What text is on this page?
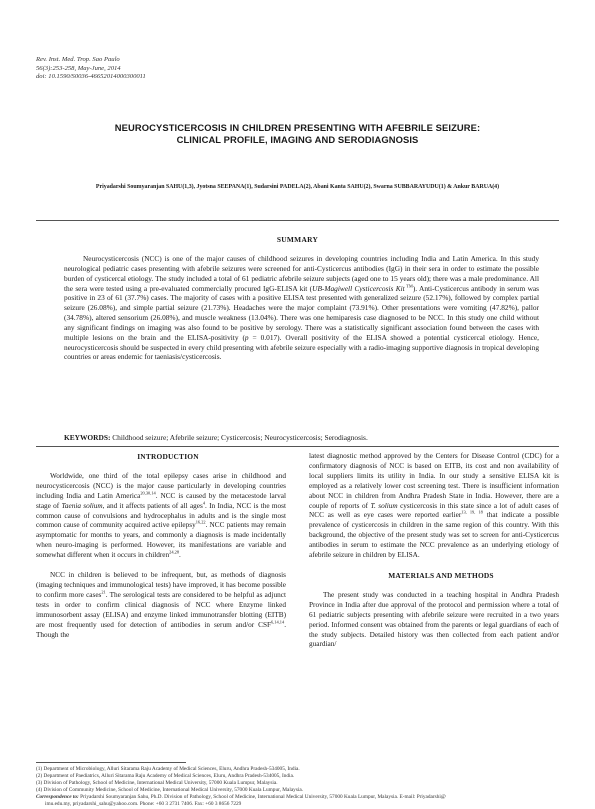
Rev. Inst. Med. Trop. Sao Paulo
56(3):253-258, May-June, 2014
doi: 10.1590/S0036-46652014000300011
NEUROCYSTICERCOSIS IN CHILDREN PRESENTING WITH AFEBRILE SEIZURE:
CLINICAL PROFILE, IMAGING AND SERODIAGNOSIS
Priyadarshi Soumyaranjan SAHU(1,3), Jyotsna SEEPANA(1), Sudarsini PADELA(2), Abani Kanta SAHU(2), Swarna SUBBARAYUDU(1) & Ankur BARUA(4)
SUMMARY
Neurocysticercosis (NCC) is one of the major causes of childhood seizures in developing countries including India and Latin America. In this study neurological pediatric cases presenting with afebrile seizures were screened for anti-Cysticercus antibodies (IgG) in their sera in order to estimate the possible burden of cysticercal etiology. The study included a total of 61 pediatric afebrile seizure subjects (aged one to 15 years old); there was a male predominance. All the sera were tested using a pre-evaluated commercially procured IgG-ELISA kit (UB-Magiwell Cysticercosis Kit ™). Anti-Cysticercus antibody in serum was positive in 23 of 61 (37.7%) cases. The majority of cases with a positive ELISA test presented with generalized seizure (52.17%), followed by complex partial seizure (26.08%), and simple partial seizure (21.73%). Headaches were the major complaint (73.91%). Other presentations were vomiting (47.82%), pallor (34.78%), altered sensorium (26.08%), and muscle weakness (13.04%). There was one hemiparesis case diagnosed to be NCC. In this study one child without any significant findings on imaging was also found to be positive by serology. There was a statistically significant association found between the cases with multiple lesions on the brain and the ELISA-positivity (p = 0.017). Overall positivity of the ELISA showed a potential cysticercal etiology. Hence, neurocysticercosis should be suspected in every child presenting with afebrile seizure especially with a radio-imaging supportive diagnosis in tropical developing countries or areas endemic for taeniasis/cysticercosis.
KEYWORDS: Childhood seizure; Afebrile seizure; Cysticercosis; Neurocysticercosis; Serodiagnosis.

INTRODUCTION

Worldwide, one third of the total epilepsy cases arise in childhood and neurocysticercosis (NCC) is the major cause particularly in developing countries including India and Latin America$^{20,30,14}$. NCC is caused by the metacestode larval stage of Taenia solium, and it affects patients of all ages$^4$. In India, NCC is the most common cause of convulsions and hydrocephalus in adults and is the single most common cause of community acquired active epilepsy$^{16,22}$. NCC patients may remain asymptomatic for months to years, and commonly a diagnosis is made incidentally when neuro-imaging is performed. However, its manifestations are variable and somewhat different when it occurs in children$^{24,28}$.

NCC in children is believed to be infrequent, but, as methods of diagnosis (imaging techniques and immunological tests) have improved, it has become possible to confirm more cases$^{21}$. The serological tests are considered to be helpful as adjunct tests in order to confirm clinical diagnosis of NCC where Enzyme linked immunosorbent assay (ELISA) and enzyme linked immunotransfer blotting (EITB) are most frequently used for detection of antibodies in serum and/or CSF$^{6,14,14}$. Though the

latest diagnostic method approved by the Centers for Disease Control (CDC) for a confirmatory diagnosis of NCC is based on EITB, its cost and non availability of local suppliers limits its utility in India. In our study a sensitive ELISA kit is employed as a relatively lower cost screening test. There is insufficient information about NCC in children from Andhra Pradesh State in India. However, there are a couple of reports of T. solium cysticercosis in this state since a lot of adult cases of NCC as well as eye cases were reported earlier$^{13, 19, 18}$ that indicate a possible prevalence of cysticercosis in children in the same region of this country. With this background, the objective of the present study was set to screen for anti-Cysticercus antibodies in serum to estimate the NCC prevalence as an underlying etiology of afebrile seizure in children by ELISA.

MATERIALS AND METHODS

The present study was conducted in a teaching hospital in Andhra Pradesh Province in India after due approval of the protocol and permission where a total of 61 pediatric subjects presenting with afebrile seizure were recruited in a two years period. Informed consent was obtained from the parents or legal guardians of each of the study subjects. Detailed history was then collected from each patient and/or guardian/

(1) Department of Microbiology, Alluri Sitarama Raju Academy of Medical Sciences, Eluru, Andhra Pradesh-534005, India.
(2) Department of Paediatrics, Alluri Sitarama Raju Academy of Medical Sciences, Eluru, Andhra Pradesh-534005, India.
(3) Division of Pathology, School of Medicine, International Medical University, 57000 Kuala Lumpur, Malaysia.
(4) Division of Community Medicine, School of Medicine, International Medical University, 57000 Kuala Lumpur, Malaysia.
Correspondence to: Priyadarshi Soumyaranjan Sahu, Ph.D. Division of Pathology, School of Medicine, International Medical University, 57000 Kuala Lumpur, Malaysia. E-mail: Priyadarshi@
imu.edu.my, priyadarshi_sahu@yahoo.com. Phone: +60 3 2731 7406. Fax: +60 3 8656 7229
